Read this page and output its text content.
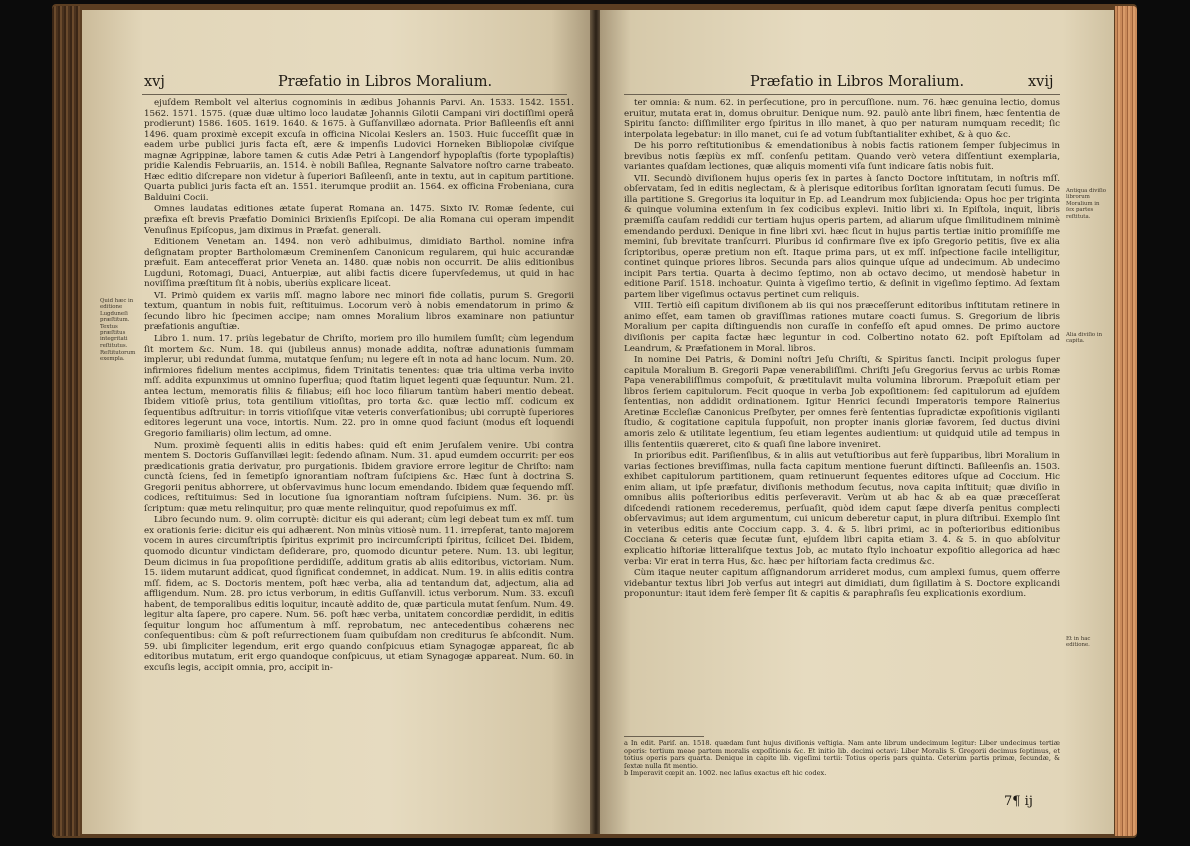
xvj	Præfatio in Libros Moralium.

ejuſdem Rembolt vel alterius cognominis in ædibus Johannis Parvi. An. 1533. 1542. 1551. 1562. 1571. 1575. (quæ duæ ultimo loco laudatæ Johannis Gilotii Campani viri doctiſſimi operâ prodierunt) 1586. 1605. 1619. 1640. & 1675. à Guſſanvillæo adornata. Prior Baſileenſis eſt anni 1496. quam proximè excepit excuſa in officina Nicolai Keslers an. 1503. Huic ſucceſſit quæ in eadem urbe publici juris facta eſt, ære & impenſis Ludovici Horneken Bibliopolæ civiſque magnæ Agrippinæ, labore tamen & cutis Adæ Petri à Langendorf hypoplaſtis (forte typoplaſtis) pridie Kalendis Februariis, an. 1514. è nobili Baſilea, Regnante Salvatore noſtro carne trabeato. Hæc editio diſcrepare non videtur à ſuperiori Baſileenſi, ante in textu, aut in capitum partitione. Quarta publici juris facta eſt an. 1551. iterumque prodiit an. 1564. ex officina Frobeniana, cura Balduini Cocii.

Omnes laudatas editiones ætate ſuperat Romana an. 1475. Sixto IV. Romæ ſedente, cui præfixa eſt brevis Præfatio Dominici Brixienſis Epiſcopi. De alia Romana cui operam impendit Venuſinus Epiſcopus, jam diximus in Præfat. generali.

Editionem Venetam an. 1494. non verò adhibuimus, dimidiato Barthol. nomine infra deſignatam propter Bartholomæum Creminenſem Canonicum regularem, qui huic accurandæ præfuit. Eam antecefferat prior Veneta an. 1480. quæ nobis non occurrit. De aliis editionibus Lugduni, Rotomagi, Duaci, Antuerpiæ, aut alibi factis dicere ſupervſedemus, ut quid in hac noviſſima præſtitum ſit à nobis, uberiùs explicare liceat.

VI. Primò quidem ex variis mſſ. magno labore nec minori fide collatis, purum S. Gregorii textum, quantum in nobis fuit, reſtituimus. Locorum verò à nobis emendatorum in primo & ſecundo libro hic ſpecimen accipe; nam omnes Moralium libros examinare non patiuntur præfationis anguſtiæ.

Libro 1. num. 17. priùs legebatur de Chriſto, moriem pro illo humilem ſumſit; cùm legendum ſit mortem &c. Num. 18. qui (jubileus annus) monade addita, noſtræ adunationis ſummam implerur, ubi redundat ſumma, mutatque ſenſum; nu legere eſt in nota ad hanc locum. Num. 20. infirmiores fidelium mentes accipimus, fidem Trinitatis tenentes: quæ tria ultima verba invito mſſ. addita expunximus ut omnino ſuperflua; quod ſtatim liquet legenti quæ ſequuntur. Num. 21. antea lectum, memoratis filiis & filiabus; eiſi hoc loco filiarum tantùm haberi mentio debeat. Ibidem vitioſè prius, tota gentilium vitioſitas, pro torta &c. quæ lectio mſſ. codicum ex ſequentibus adſtruitur: in torris vitioſiſque vitæ veteris converſationibus; ubi corruptè ſuperiores editores legerunt una voce, intortis. Num. 22. pro in omne quod faciunt (modus eſt loquendi Gregorio familiaris) olim lectum, ad omne.

Num. proximè ſequenti aliis in editis habes: quid eſt enim Jeruſalem venire. Ubi contra mentem S. Doctoris Guſſanvillæi legit: ſedendo aſinam. Num. 31. apud eumdem occurrit: per eos prædicationis gratia derivatur, pro purgationis. Ibidem graviore errore legitur de Chriſto: nam cunctà ſciens, ſed in ſemetipſo ignorantiam noſtram ſuſcipiens &c. Hæc ſunt à doctrina S. Gregorii penitus abhorrere, ut obſervavimus hunc locum emendando. Ibidem quæ ſequendo mſſ. codices, reſtituimus: Sed in locutione ſua ignorantiam noſtram ſuſcipiens. Num. 36. pr. ùs ſcriptum: quæ metu relinquitur, pro quæ mente relinquitur, quod repoſuimus ex mſſ.

Libro ſecundo num. 9. olim corruptè: dicitur eis qui aderant; cùm legi debeat tum ex mſſ. tum ex orationis ſerie: dicitur eis qui adhærent. Non minùs vitiosè num. 11. irrepſerat, tanto majorem vocem in aures circumſtriptis ſpiritus exprimit pro incircumſcripti ſpiritus, ſcilicet Dei. Ibidem, quomodo dicuntur vindictam deſiderare, pro, quomodo dicuntur petere. Num. 13. ubi legitur, Deum dicimus in ſua propoſitione perdidiſſe, additum gratis ab aliis editoribus, victoriam. Num. 15. iidem mutarunt addicat, quod ſignificat condemnet, in addicat. Num. 19. in aliis editis contra mſſ. fidem, ac S. Doctoris mentem, poſt hæc verba, alia ad tentandum dat, adjectum, alia ad affligendum. Num. 28. pro ictus verborum, in editis Guſſanvill. ictus verborum. Num. 33. excuſi habent, de temporalibus editis loquitur, incautè addito de, quæ particula mutat ſenſum. Num. 49. legitur alta ſapere, pro capere. Num. 56. poſt hæc verba, unitatem concordiæ perdidit, in editis ſequitur longum hoc aſſumentum à mſſ. reprobatum, nec antecedentibus cohærens nec conſequentibus: cùm & poſt reſurrectionem ſuam quibuſdam non crediturus ſe abſcondit. Num. 59. ubi ſimpliciter legendum, erit ergo quando conſpicuus etiam Synagogæ appareat, ſic ab editoribus mutatum, erit ergo quandoque conſpicuus, ut etiam Synagogæ appareat. Num. 60. in excuſis legis, accipit omnia, pro, accipit in-

Quid hæc in editione Lugduneſi præſtitum. Textus præſtitus integritati reſtitutus.
Reſtitutorum exempla.
Præfatio in Libros Moralium.	xvij

ter omnia: & num. 62. in perſecutione, pro in percuſſione. num. 76. hæc genuina lectio, domus eruitur, mutata erat in, domus obruitur. Denique num. 92. paulò ante libri finem, hæc ſententia de Spiritu ſancto: diſſimiliter ergo ſpiritus in illo manet, à quo per naturam numquam recedit; ſic interpolata legebatur: in illo manet, cui ſe ad votum ſubſtantialiter exhibet, & à quo &c.

De his porro reſtitutionibus & emendationibus à nobis factis rationem ſemper ſubjecimus in brevibus notis ſæpiùs ex mſſ. conſenſu petitam. Quando verò vetera diſſentiunt exemplaria, variantes quaſdam lectiones, quæ aliquis momenti viſa ſunt indicare ſatis nobis fuit.

VII. Secundò diviſionem hujus operis ſex in partes à ſancto Doctore inſtitutam, in noſtris mſſ. obſervatam, ſed in editis neglectam, & à plerisque editoribus ſorſitan ignoratam ſecuti ſumus. De illa partitione S. Gregorius ita loquitur in Ep. ad Leandrum mox ſubjicienda: Opus hoc per triginta & quinque volumina extenſum in ſex codicibus explevi. Initio libri xi. In Epiſtola, inquit, libris præmiſſa cauſam reddidi cur tertiam hujus operis partem, ad aliarum uſque ſimilitudinem minimè emendando perduxi. Denique in fine libri xvi. hæc ſicut in hujus partis tertiæ initio promiſiſſe me memini, ſub brevitate tranſcurri. Pluribus id confirmare ſive ex ipſo Gregorio petitis, ſive ex alia ſcriptoribus, operæ pretium non eſt. Itaque prima pars, ut ex mſſ. inſpectione facile intelligitur, continet quinque priores libros. Secunda pars alios quinque uſque ad undecimum. Ab undecimo incipit Pars tertia. Quarta à decimo ſeptimo, non ab octavo decimo, ut mendosè habetur in editione Pariſ. 1518. inchoatur. Quinta à vigeſimo tertio, & deſinit in vigeſimo ſeptimo. Ad ſextam partem liber vigeſimus octavus pertinet cum reliquis.

VIII. Tertiò eiſi capitum diviſionem ab iis qui nos præceſſerunt editoribus inſtitutam retinere in animo eſſet, eam tamen ob graviſſimas rationes mutare coacti ſumus. S. Gregorium de libris Moralium per capita diſtinguendis non curaſſe in confeſſo eſt apud omnes. De primo auctore diviſionis per capita factæ hæc leguntur in cod. Colbertino notato 62. poſt Epiſtolam ad Leandrum, & Præfationem in Moral. libros.

In nomine Dei Patris, & Domini noſtri Jeſu Chriſti, & Spiritus ſancti. Incipit prologus ſuper capitula Moralium B. Gregorii Papæ venerabiliſſimi. Chriſti Jeſu Gregorius ſervus ac urbis Romæ Papa venerabiliſſimus compoſuit, & prætitulavit multa volumina librorum. Præpoſuit etiam per libros ſeriem capitulorum. Fecit quoque in verba Job expoſitionem: ſed capitulorum ad ejuſdem ſententias, non addidit ordinationem. Igitur Henrici ſecundi Imperatoris tempore Rainerius Aretinæ Eccleſiæ Canonicus Preſbyter, per omnes ferè ſententias ſupradictæ expoſitionis vigilanti ſtudio, & cogitatione capitula ſuppoſuit, non propter inanis gloriæ favorem, ſed ductus divini amoris zelo & utilitate legentium, ſeu etiam legentes audientium: ut quidquid utile ad tempus in illis ſententiis quæreret, cito & quaſi ſine labore inveniret.

In prioribus edit. Pariſienſibus, & in aliis aut vetuſtioribus aut ferè ſupparibus, libri Moralium in varias ſectiones breviſſimas, nulla facta capitum mentione fuerunt diſtincti. Baſileenſis an. 1503. exhibet capitulorum partitionem, quam retinuerunt ſequentes editores uſque ad Coccium. Hic enim aliam, ut ipſe præfatur, diviſionis methodum ſecutus, nova capita inſtituit; quæ diviſio in omnibus aliis poſterioribus editis perſeveravit. Verùm ut ab hac & ab ea quæ præceſſerat diſcedendi rationem recederemus, perſuaſit, quòd idem caput ſæpe diverſa penitus complecti obſervavimus; aut idem argumentum, cui unicum deberetur caput, in plura diſtribui. Exemplo ſint in veteribus editis ante Coccium capp. 3. 4. & 5. libri primi, ac in poſterioribus editionibus Cocciana & ceteris quæ ſecutæ ſunt, ejuſdem libri capita etiam 3. 4. & 5. in quo abſolvitur explicatio hiſtoriæ litteraliſque textus Job, ac mutato ſtylo inchoatur expoſitio allegorica ad hæc verba: Vir erat in terra Hus, &c. hæc per hiſtoriam facta credimus &c.

Cùm itaque neuter capitum aſſignandorum arrideret modus, cum amplexi ſumus, quem offerre videbantur textus libri Job verſus aut integri aut dimidiati, dum ſigillatim à S. Doctore explicandi proponuntur: itaut idem ferè ſemper ſit & capitis & paraphraſis ſeu explicationis exordium.

a In edit. Pariſ. an. 1518. quædam ſunt hujus diviſionis veſtigia. Nam ante librum undecimum legitur: Liber undecimus tertiæ operis: tertium meae partem moralis expoſitionis &c. Et initio lib. decimi octavi: Liber Moralis S. Gregorii decimus ſeptimus, et totius operis pars quarta. Denique in capite lib. vigeſimi tertii: Totius operis pars quinta. Ceterùm partis primæ, ſecundæ, & ſextæ nulla fit mentio.

b Imperavit cœpit an. 1002. nec laſius exactus eſt hic codex.

Antiqua diviſio librorum Moralium in ſex partes reſtituta.
Alia diviſio in capita.
Et in hac editione.
7¶ ij
